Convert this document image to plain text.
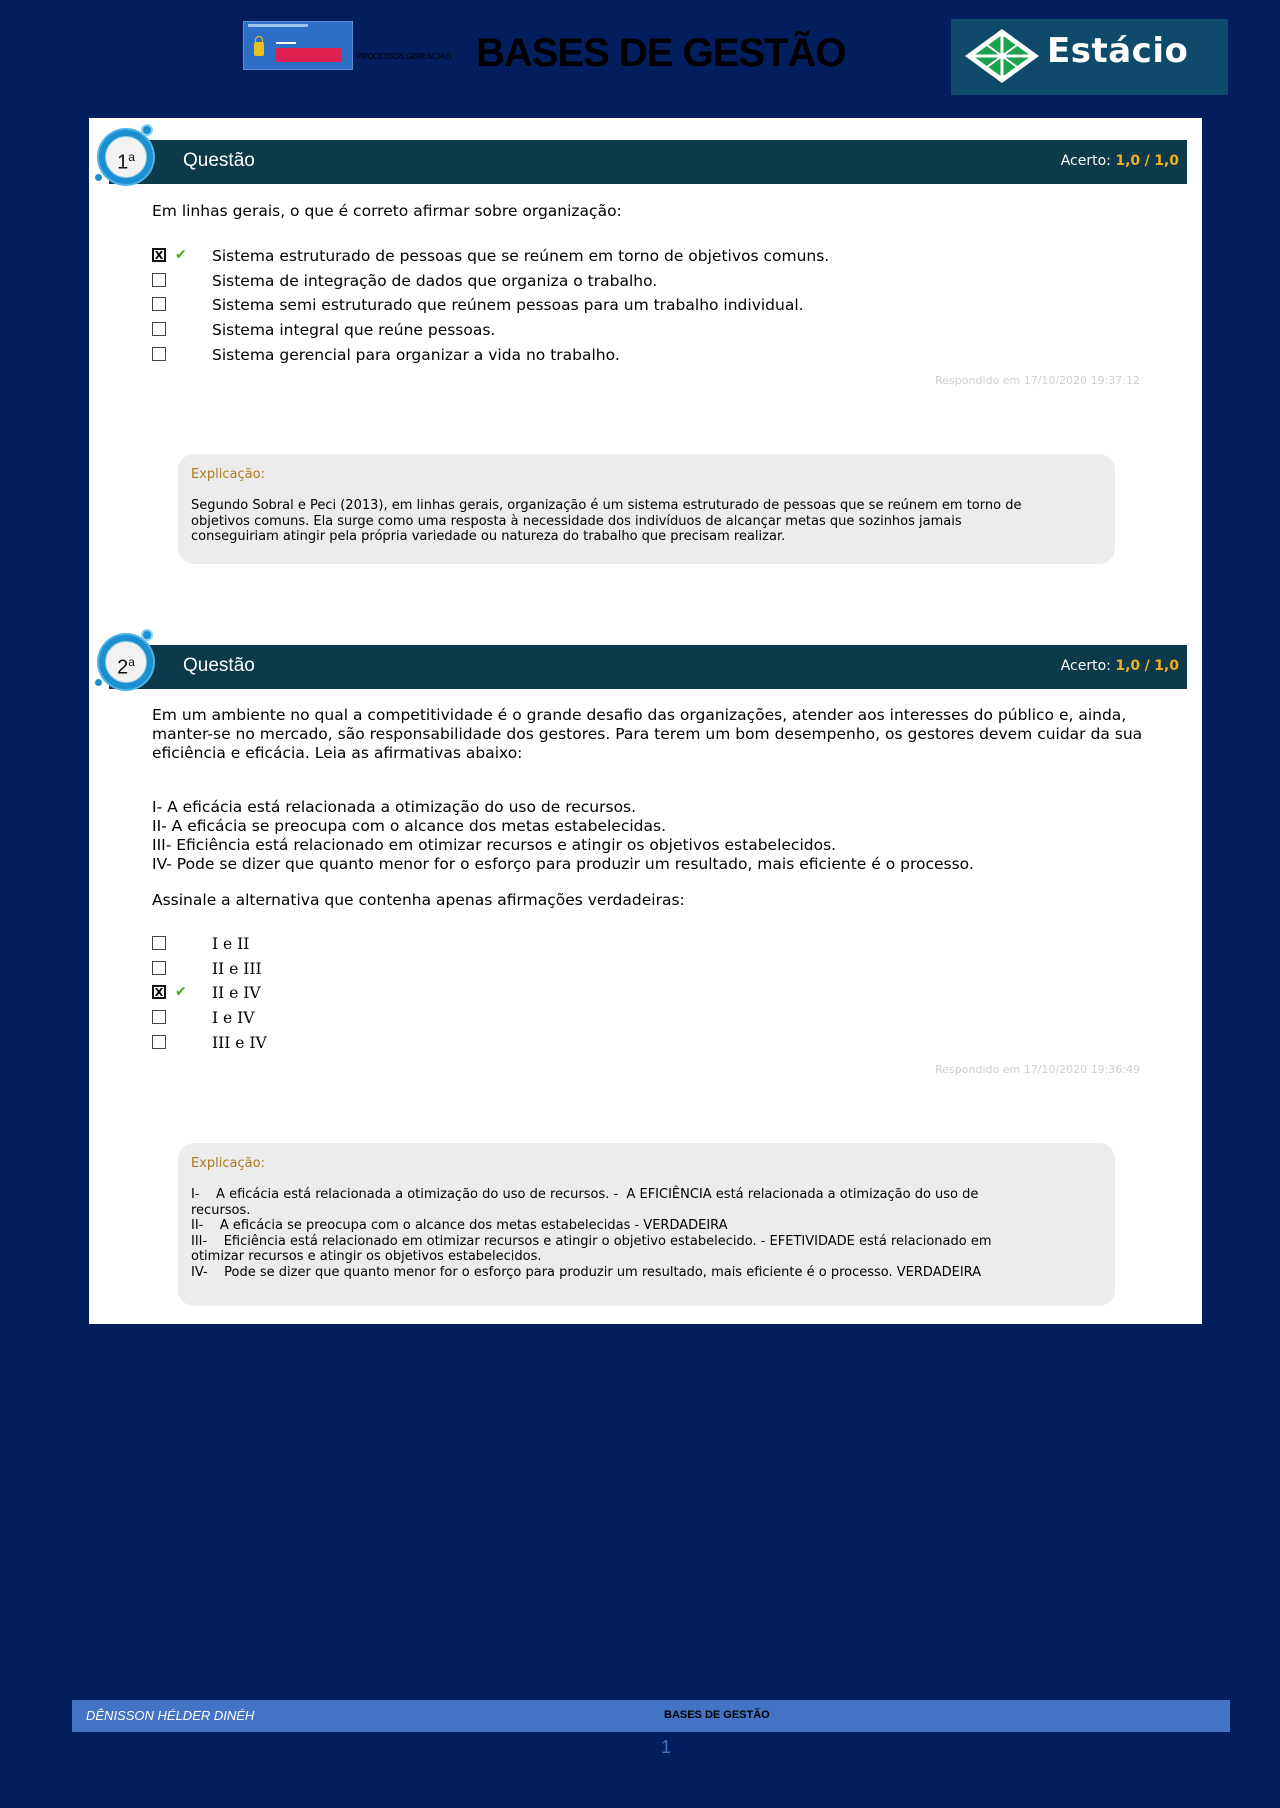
PROCESSOS GERENCIAIS BASES DE GESTÃO	Estácio
Questão	Acerto: 1,0 / 1,0
1$^a$
Em linhas gerais, o que é correto afirmar sobre organização:
X ✔ Sistema estruturado de pessoas que se reúnem em torno de objetivos comuns.
Sistema de integração de dados que organiza o trabalho.
Sistema semi estruturado que reúnem pessoas para um trabalho individual.
Sistema integral que reúne pessoas.
Sistema gerencial para organizar a vida no trabalho.
Respondido em 17/10/2020 19:37:12
Explicação:
Segundo Sobral e Peci (2013), em linhas gerais, organização é um sistema estruturado de pessoas que se reúnem em torno de
objetivos comuns. Ela surge como uma resposta à necessidade dos indivíduos de alcançar metas que sozinhos jamais
conseguiriam atingir pela própria variedade ou natureza do trabalho que precisam realizar.
Questão	Acerto: 1,0 / 1,0
2$^a$
Em um ambiente no qual a competitividade é o grande desafio das organizações, atender aos interesses do público e, ainda,
manter-se no mercado, são responsabilidade dos gestores. Para terem um bom desempenho, os gestores devem cuidar da sua
eficiência e eficácia. Leia as afirmativas abaixo:
I- A eficácia está relacionada a otimização do uso de recursos.
II- A eficácia se preocupa com o alcance dos metas estabelecidas.
III- Eficiência está relacionado em otimizar recursos e atingir os objetivos estabelecidos.
IV- Pode se dizer que quanto menor for o esforço para produzir um resultado, mais eficiente é o processo.
Assinale a alternativa que contenha apenas afirmações verdadeiras:
I e II
II e III
X ✔ II e IV
I e IV
III e IV
Respondido em 17/10/2020 19:36:49
Explicação:
I-    A eficácia está relacionada a otimização do uso de recursos. -  A EFICIÊNCIA está relacionada a otimização do uso de
recursos.
II-    A eficácia se preocupa com o alcance dos metas estabelecidas - VERDADEIRA
III-    Eficiência está relacionado em otimizar recursos e atingir o objetivo estabelecido. - EFETIVIDADE está relacionado em
otimizar recursos e atingir os objetivos estabelecidos.
IV-    Pode se dizer que quanto menor for o esforço para produzir um resultado, mais eficiente é o processo. VERDADEIRA
DÊNISSON HÉLDER DINÉH	BASES DE GESTÃO
1
